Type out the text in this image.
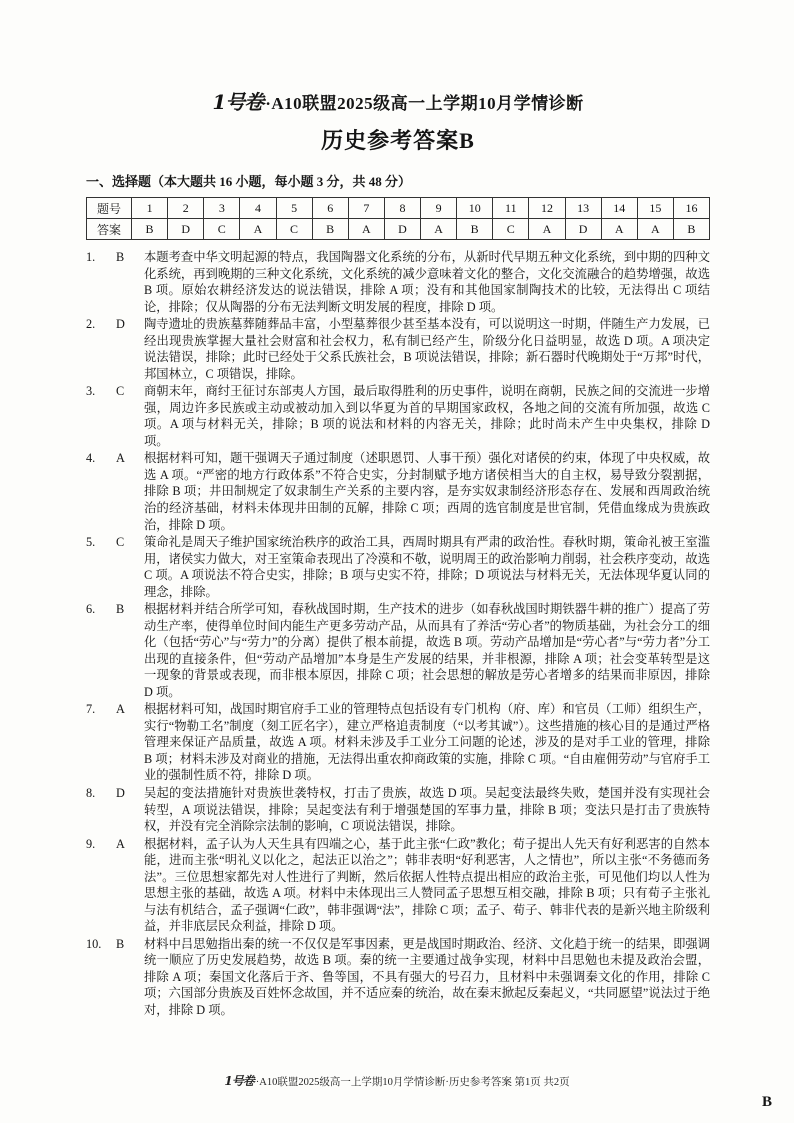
1号卷 ·A10联盟2025级高一上学期10月学情诊断
历史参考答案B
一、选择题（本大题共 16 小题，每小题 3 分，共 48 分）
题号	1	2	3	4	5	6	7	8	9	10	11	12	13	14	15	16
答案	B	D	C	A	C	B	A	D	A	B	C	A	D	A	A	B
1.	B	本题考查中华文明起源的特点，我国陶器文化系统的分布，从新时代早期五种文化系统，到中期的四种文化系统，再到晚期的三种文化系统，文化系统的减少意味着文化的整合，文化交流融合的趋势增强，故选 B 项。原始农耕经济发达的说法错误，排除 A 项；没有和其他国家制陶技术的比较，无法得出 C 项结论，排除；仅从陶器的分布无法判断文明发展的程度，排除 D 项。
2.	D	陶寺遗址的贵族墓葬随葬品丰富，小型墓葬很少甚至基本没有，可以说明这一时期，伴随生产力发展，已经出现贵族掌握大量社会财富和社会权力，私有制已经产生，阶级分化日益明显，故选 D 项。A 项决定说法错误，排除；此时已经处于父系氏族社会，B 项说法错误，排除；新石器时代晚期处于“万邦”时代，邦国林立，C 项错误，排除。
3.	C	商朝末年，商纣王征讨东部夷人方国，最后取得胜利的历史事件，说明在商朝，民族之间的交流进一步增强，周边许多民族或主动或被动加入到以华夏为首的早期国家政权，各地之间的交流有所加强，故选 C 项。A 项与材料无关，排除；B 项的说法和材料的内容无关，排除；此时尚未产生中央集权，排除 D 项。
4.	A	根据材料可知，题干强调天子通过制度（述职恩罚、人事干预）强化对诸侯的约束，体现了中央权威，故选 A 项。“严密的地方行政体系”不符合史实，分封制赋予地方诸侯相当大的自主权，易导致分裂割据，排除 B 项；井田制规定了奴隶制生产关系的主要内容，是夯实奴隶制经济形态存在、发展和西周政治统治的经济基础，材料未体现井田制的瓦解，排除 C 项；西周的选官制度是世官制，凭借血缘成为贵族政治，排除 D 项。
5.	C	策命礼是周天子维护国家统治秩序的政治工具，西周时期具有严肃的政治性。春秋时期，策命礼被王室滥用，诸侯实力做大，对王室策命表现出了冷漠和不敬，说明周王的政治影响力削弱，社会秩序变动，故选 C 项。A 项说法不符合史实，排除；B 项与史实不符，排除；D 项说法与材料无关，无法体现华夏认同的理念，排除。
6.	B	根据材料并结合所学可知，春秋战国时期，生产技术的进步（如春秋战国时期铁器牛耕的推广）提高了劳动生产率，使得单位时间内能生产更多劳动产品，从而具有了养活“劳心者”的物质基础，为社会分工的细化（包括“劳心”与“劳力”的分离）提供了根本前提，故选 B 项。劳动产品增加是“劳心者”与“劳力者”分工出现的直接条件，但“劳动产品增加”本身是生产发展的结果，并非根源，排除 A 项；社会变革转型是这一现象的背景或表现，而非根本原因，排除 C 项；社会思想的解放是劳心者增多的结果而非原因，排除 D 项。
7.	A	根据材料可知，战国时期官府手工业的管理特点包括设有专门机构（府、库）和官员（工师）组织生产，实行“物勒工名”制度（刻工匠名字），建立严格追责制度（“以考其诚”）。这些措施的核心目的是通过严格管理来保证产品质量，故选 A 项。材料未涉及手工业分工问题的论述，涉及的是对手工业的管理，排除 B 项；材料未涉及对商业的措施，无法得出重农抑商政策的实施，排除 C 项。“自由雇佣劳动”与官府手工业的强制性质不符，排除 D 项。
8.	D	吴起的变法措施针对贵族世袭特权，打击了贵族，故选 D 项。吴起变法最终失败，楚国并没有实现社会转型，A 项说法错误，排除；吴起变法有利于增强楚国的军事力量，排除 B 项；变法只是打击了贵族特权，并没有完全消除宗法制的影响，C 项说法错误，排除。
9.	A	根据材料，孟子认为人天生具有四端之心，基于此主张“仁政”教化；荀子提出人先天有好利恶害的自然本能，进而主张“明礼义以化之，起法正以治之”；韩非表明“好利恶害，人之情也”，所以主张“不务德而务法”。三位思想家都先对人性进行了判断，然后依据人性特点提出相应的政治主张，可见他们均以人性为思想主张的基础，故选 A 项。材料中未体现出三人赞同孟子思想互相交融，排除 B 项；只有荀子主张礼与法有机结合，孟子强调“仁政”，韩非强调“法”，排除 C 项；孟子、荀子、韩非代表的是新兴地主阶级利益，并非底层民众利益，排除 D 项。
10.	B	材料中吕思勉指出秦的统一不仅仅是军事因素，更是战国时期政治、经济、文化趋于统一的结果，即强调统一顺应了历史发展趋势，故选 B 项。秦的统一主要通过战争实现，材料中吕思勉也未提及政治会盟，排除 A 项；秦国文化落后于齐、鲁等国，不具有强大的号召力，且材料中未强调秦文化的作用，排除 C 项；六国部分贵族及百姓怀念故国，并不适应秦的统治，故在秦末掀起反秦起义，“共同愿望”说法过于绝对，排除 D 项。
1号卷 ·A10联盟2025级高一上学期10月学情诊断·历史参考答案 第1页 共2页
B
